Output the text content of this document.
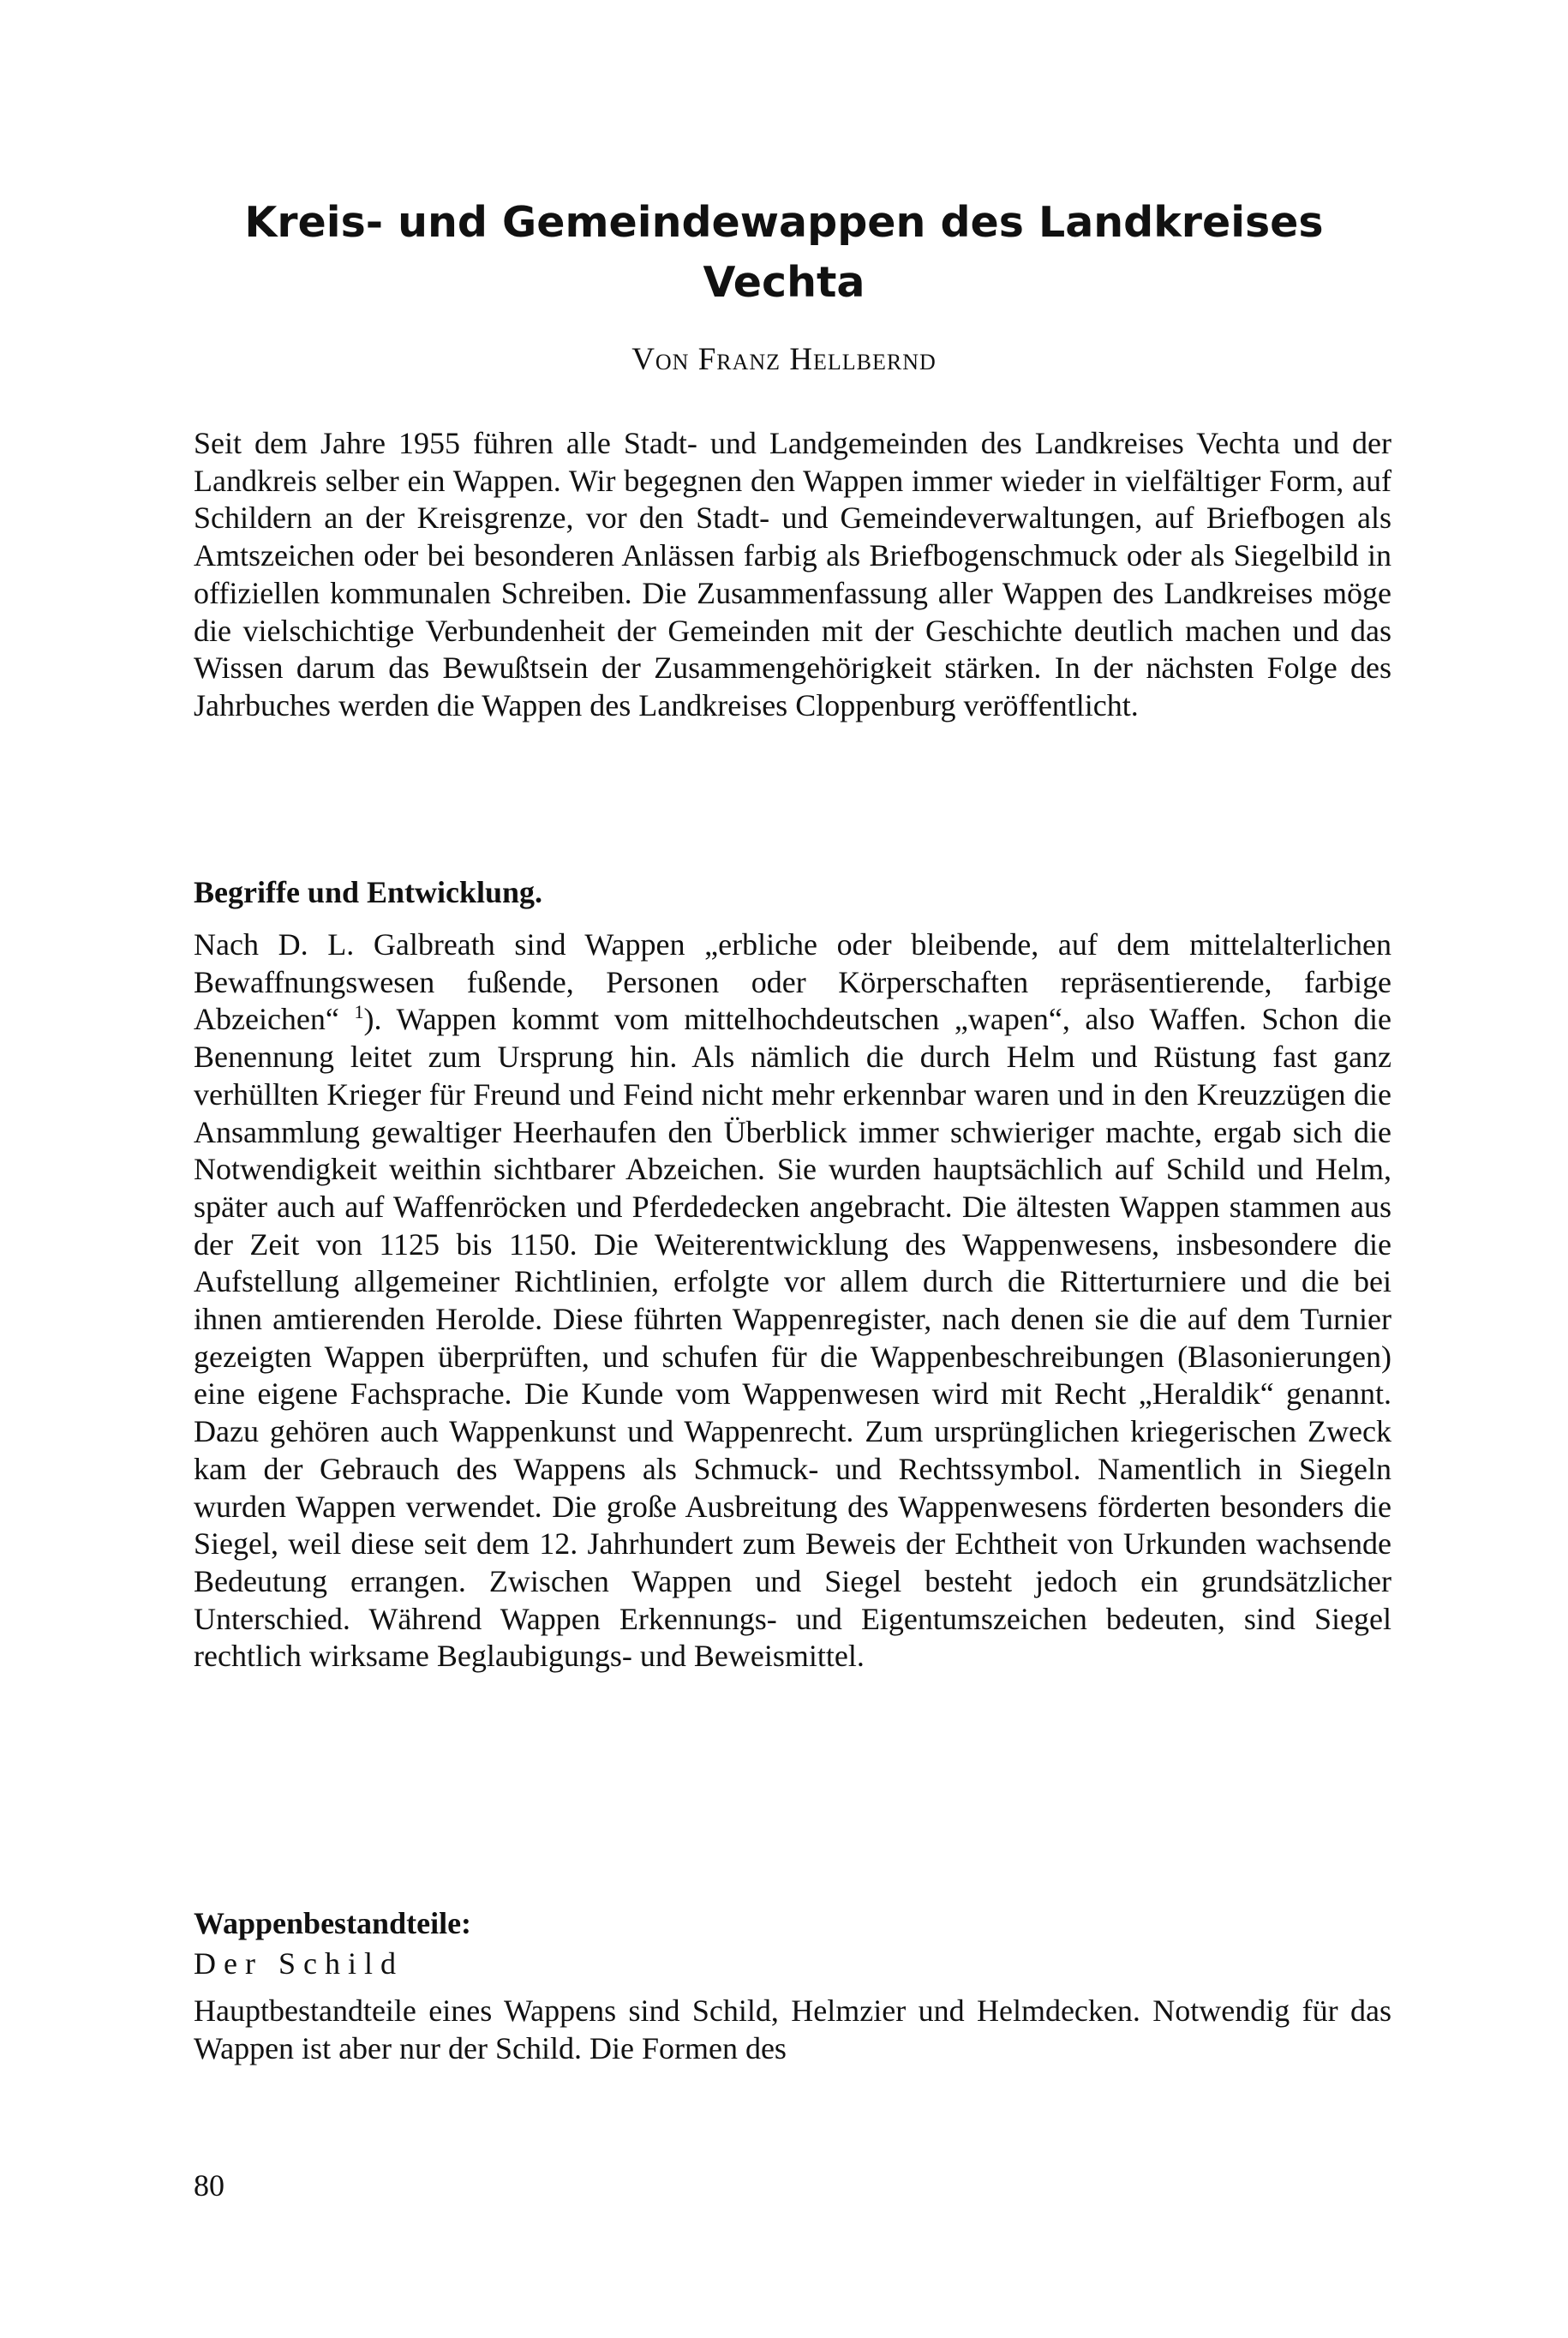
Kreis- und Gemeindewappen des Landkreises
Vechta
Von Franz Hellbernd

Seit dem Jahre 1955 führen alle Stadt- und Landgemeinden des Landkreises Vechta und der Landkreis selber ein Wappen. Wir begegnen den Wappen immer wieder in vielfältiger Form, auf Schildern an der Kreisgrenze, vor den Stadt- und Gemeindeverwaltungen, auf Briefbogen als Amtszeichen oder bei besonderen Anlässen farbig als Briefbogenschmuck oder als Siegelbild in offiziellen kommunalen Schreiben. Die Zusammenfassung aller Wappen des Landkreises möge die vielschichtige Verbundenheit der Gemeinden mit der Geschichte deutlich machen und das Wissen darum das Bewußtsein der Zusammengehörigkeit stärken. In der nächsten Folge des Jahrbuches werden die Wappen des Landkreises Cloppenburg veröffentlicht.

Begriffe und Entwicklung.

Nach D. L. Galbreath sind Wappen „erbliche oder bleibende, auf dem mittelalterlichen Bewaffnungswesen fußende, Personen oder Körperschaften repräsentierende, farbige Abzeichen“ $^1$). Wappen kommt vom mittelhochdeutschen „wapen“, also Waffen. Schon die Benennung leitet zum Ursprung hin. Als nämlich die durch Helm und Rüstung fast ganz verhüllten Krieger für Freund und Feind nicht mehr erkennbar waren und in den Kreuzzügen die Ansammlung gewaltiger Heerhaufen den Überblick immer schwieriger machte, ergab sich die Notwendigkeit weithin sichtbarer Abzeichen. Sie wurden hauptsächlich auf Schild und Helm, später auch auf Waffenröcken und Pferdedecken angebracht. Die ältesten Wappen stammen aus der Zeit von 1125 bis 1150. Die Weiterentwicklung des Wappenwesens, insbesondere die Aufstellung allgemeiner Richtlinien, erfolgte vor allem durch die Ritterturniere und die bei ihnen amtierenden Herolde. Diese führten Wappenregister, nach denen sie die auf dem Turnier gezeigten Wappen überprüften, und schufen für die Wappenbeschreibungen (Blasonierungen) eine eigene Fachsprache. Die Kunde vom Wappenwesen wird mit Recht „Heraldik“ genannt. Dazu gehören auch Wappenkunst und Wappenrecht. Zum ursprünglichen kriegerischen Zweck kam der Gebrauch des Wappens als Schmuck- und Rechtssymbol. Namentlich in Siegeln wurden Wappen verwendet. Die große Ausbreitung des Wappenwesens förderten besonders die Siegel, weil diese seit dem 12. Jahrhundert zum Beweis der Echtheit von Urkunden wachsende Bedeutung errangen. Zwischen Wappen und Siegel besteht jedoch ein grundsätzlicher Unterschied. Während Wappen Erkennungs- und Eigentumszeichen bedeuten, sind Siegel rechtlich wirksame Beglaubigungs- und Beweismittel.

Wappenbestandteile:
Der Schild

Hauptbestandteile eines Wappens sind Schild, Helmzier und Helmdecken. Notwendig für das Wappen ist aber nur der Schild. Die Formen des

80
